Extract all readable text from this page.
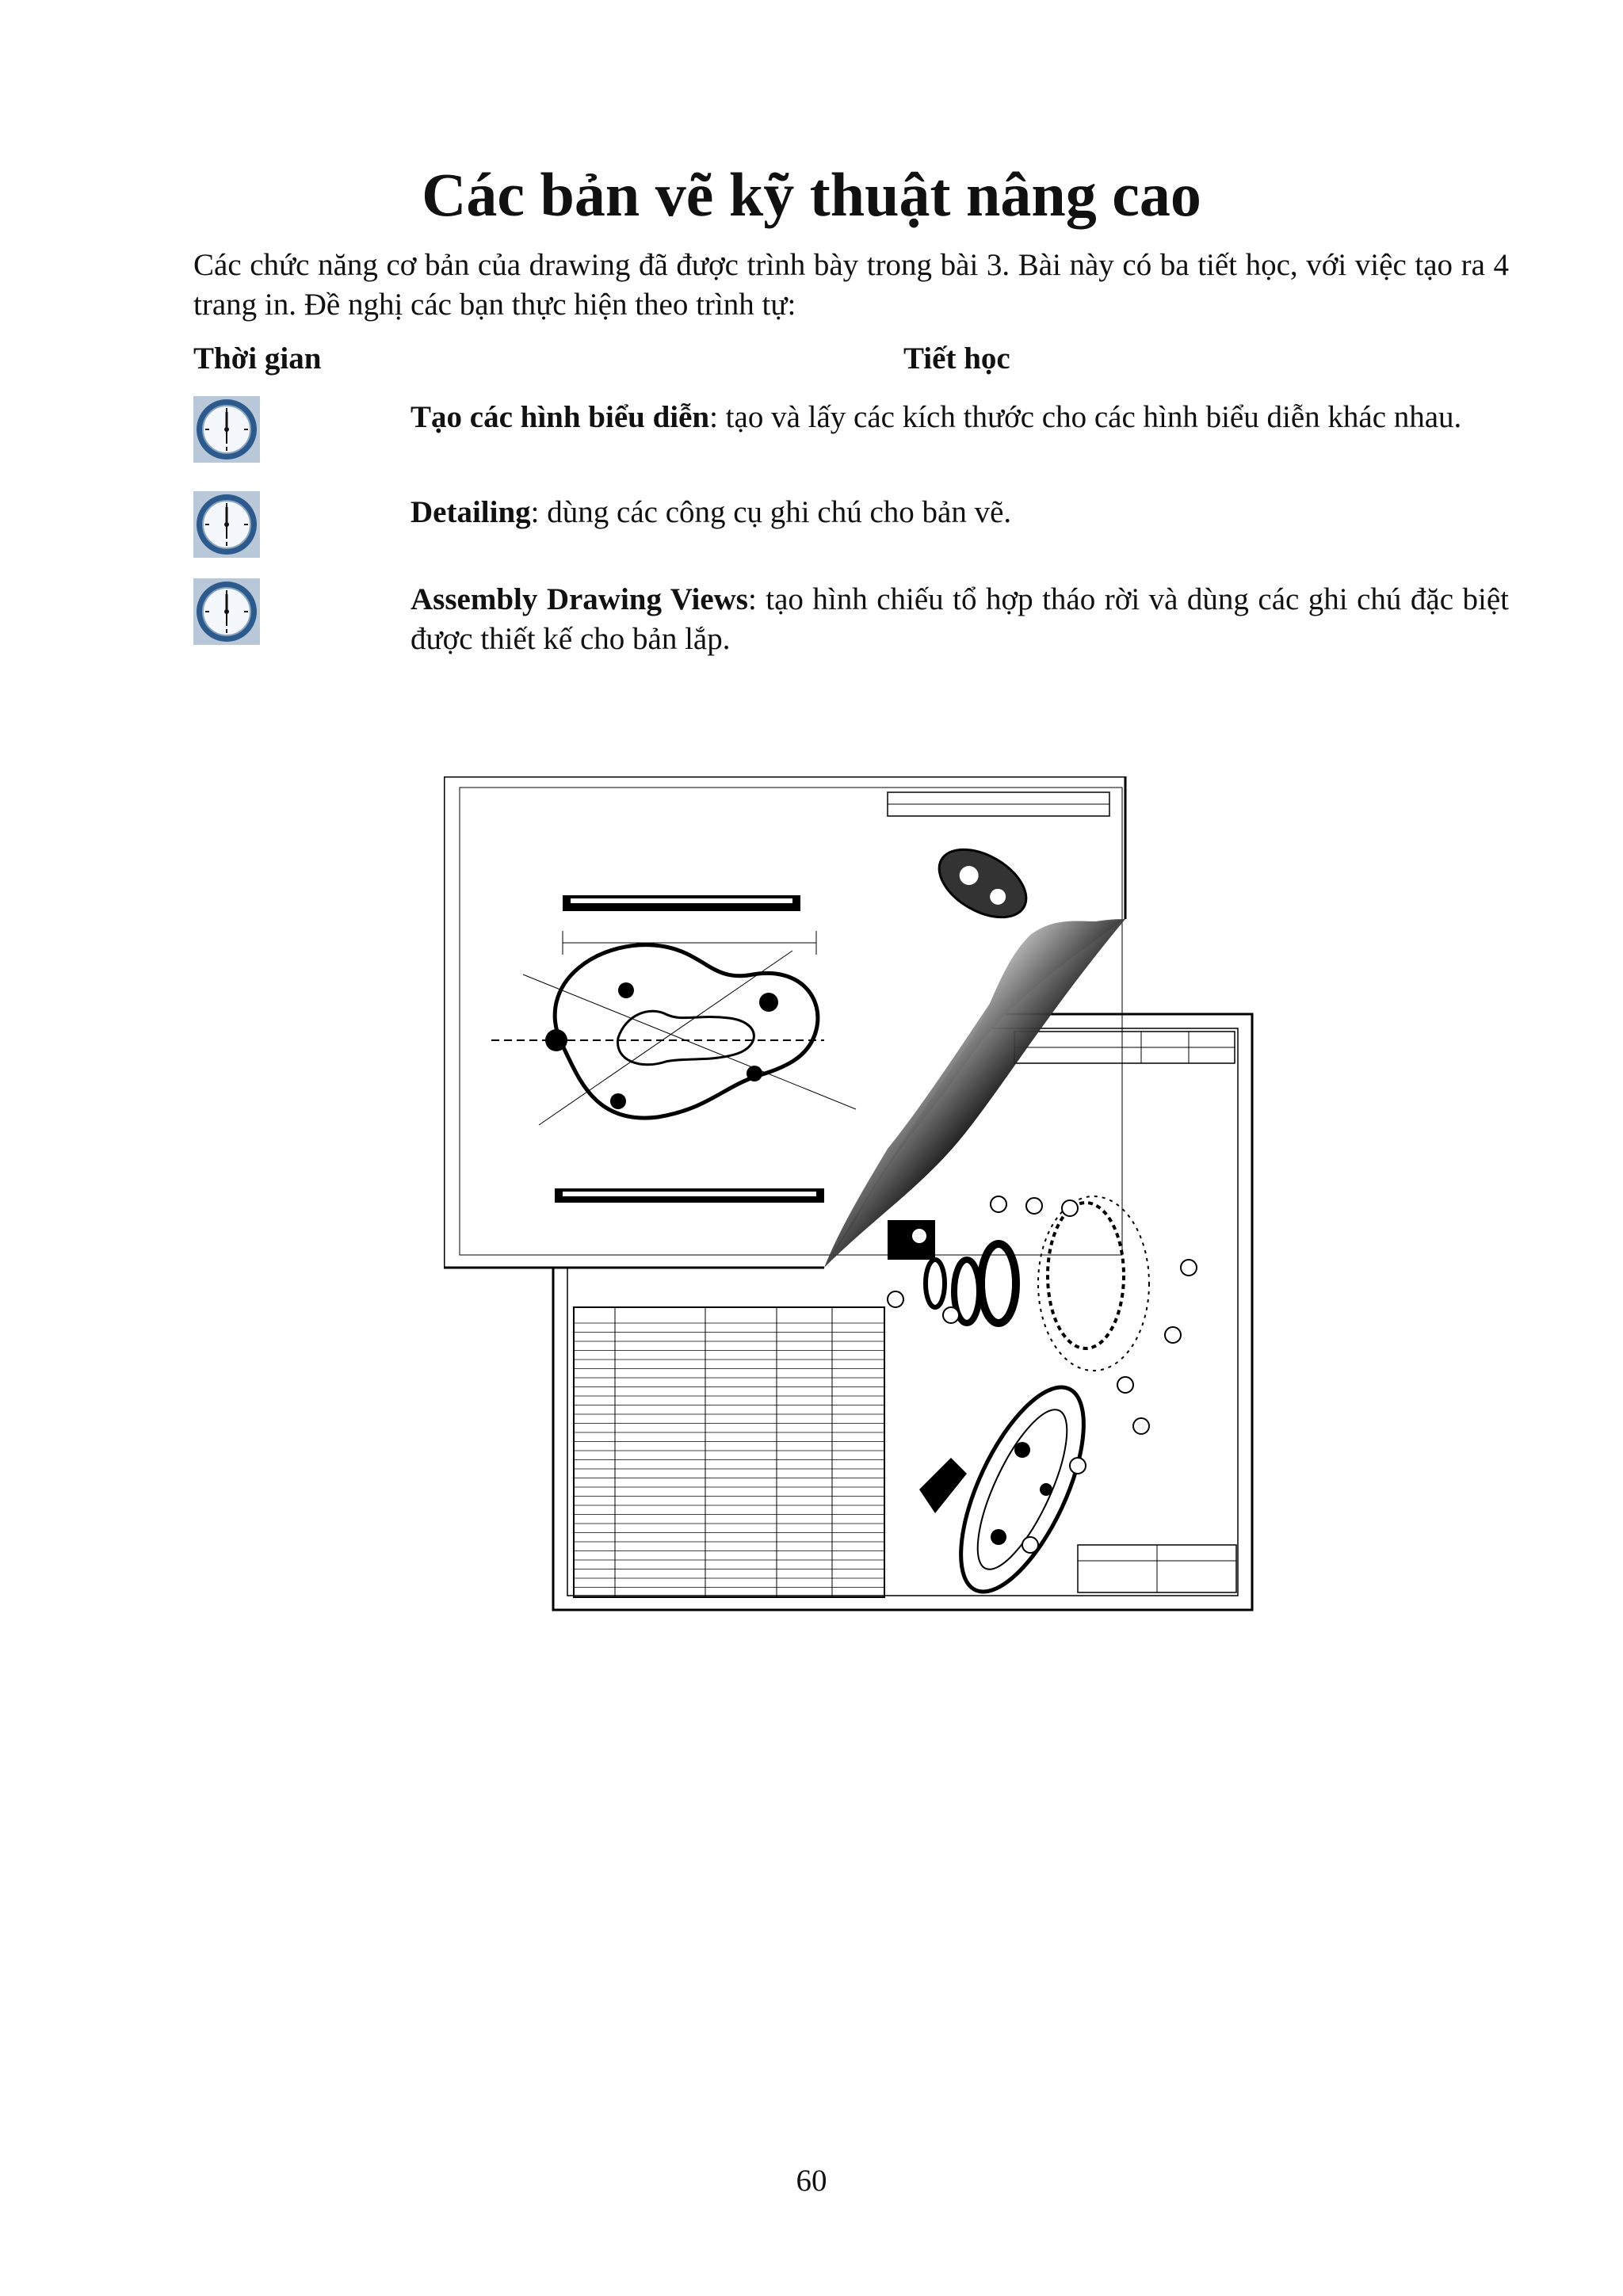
Các bản vẽ kỹ thuật nâng cao
Các chức năng cơ bản của drawing đã được trình bày trong bài 3. Bài này có ba tiết học, với việc tạo ra 4 trang in. Đề nghị các bạn thực hiện theo trình tự:
Thời gian	Tiết học
Tạo các hình biểu diễn: tạo và lấy các kích thước cho các hình biểu diễn khác nhau.
Detailing: dùng các công cụ ghi chú cho bản vẽ.
Assembly Drawing Views: tạo hình chiếu tổ hợp tháo rời và dùng các ghi chú đặc biệt được thiết kế cho bản lắp.
60
